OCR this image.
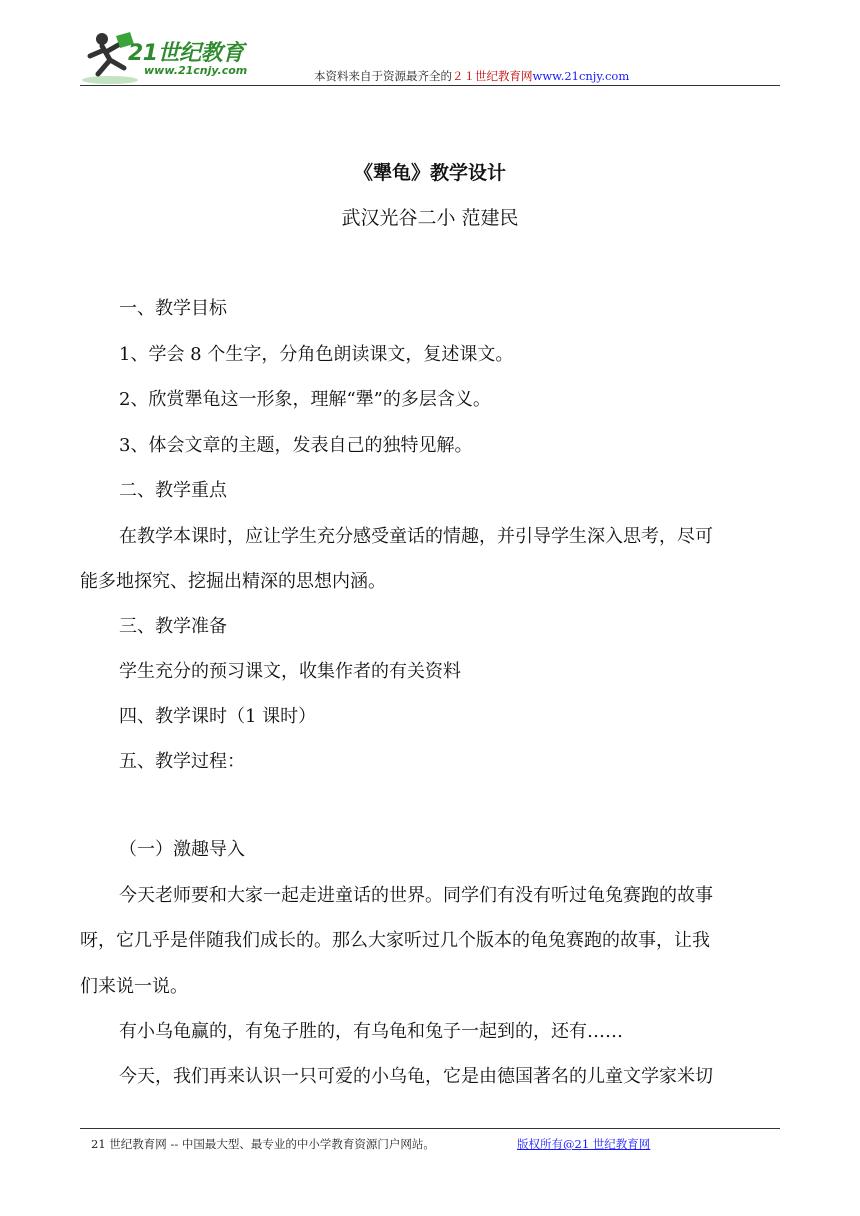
21世纪教育
www.21cnjy.com	本资料来自于资源最齐全的２１世纪教育网www.21cnjy.com
《犟龟》教学设计
武汉光谷二小 范建民
一、教学目标
1、学会 8 个生字，分角色朗读课文，复述课文。
2、欣赏犟龟这一形象，理解“犟”的多层含义。
3、体会文章的主题，发表自己的独特见解。
二、教学重点
在教学本课时，应让学生充分感受童话的情趣，并引导学生深入思考，尽可
能多地探究、挖掘出精深的思想内涵。
三、教学准备
学生充分的预习课文，收集作者的有关资料
四、教学课时（1 课时）
五、教学过程：
（一）激趣导入
今天老师要和大家一起走进童话的世界。同学们有没有听过龟兔赛跑的故事
呀，它几乎是伴随我们成长的。那么大家听过几个版本的龟兔赛跑的故事，让我
们来说一说。
有小乌龟赢的，有兔子胜的，有乌龟和兔子一起到的，还有……
今天，我们再来认识一只可爱的小乌龟，它是由德国著名的儿童文学家米切
21 世纪教育网 -- 中国最大型、最专业的中小学教育资源门户网站。	版权所有@21 世纪教育网
